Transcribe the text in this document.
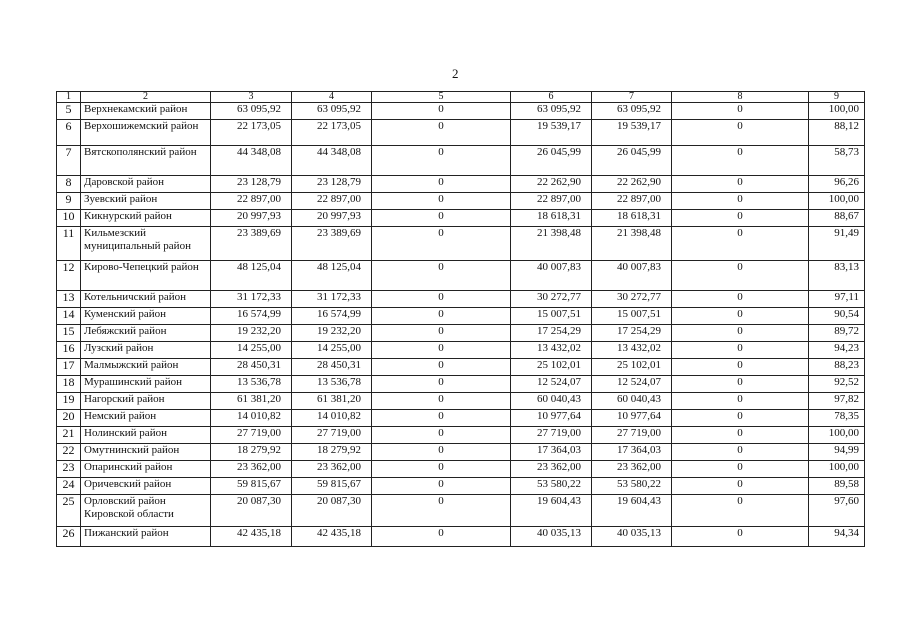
2
1	2	3	4	5	6	7	8	9
5	Верхнекамский район	63 095,92	63 095,92	0	63 095,92	63 095,92	0	100,00
6	Верхошижемский район	22 173,05	22 173,05	0	19 539,17	19 539,17	0	88,12
7	Вятскополянский район	44 348,08	44 348,08	0	26 045,99	26 045,99	0	58,73
8	Даровской район	23 128,79	23 128,79	0	22 262,90	22 262,90	0	96,26
9	Зуевский район	22 897,00	22 897,00	0	22 897,00	22 897,00	0	100,00
10	Кикнурский район	20 997,93	20 997,93	0	18 618,31	18 618,31	0	88,67
11	Кильмезский муниципальный район	23 389,69	23 389,69	0	21 398,48	21 398,48	0	91,49
12	Кирово-Чепецкий район	48 125,04	48 125,04	0	40 007,83	40 007,83	0	83,13
13	Котельничский район	31 172,33	31 172,33	0	30 272,77	30 272,77	0	97,11
14	Куменский район	16 574,99	16 574,99	0	15 007,51	15 007,51	0	90,54
15	Лебяжский район	19 232,20	19 232,20	0	17 254,29	17 254,29	0	89,72
16	Лузский район	14 255,00	14 255,00	0	13 432,02	13 432,02	0	94,23
17	Малмыжский район	28 450,31	28 450,31	0	25 102,01	25 102,01	0	88,23
18	Мурашинский район	13 536,78	13 536,78	0	12 524,07	12 524,07	0	92,52
19	Нагорский район	61 381,20	61 381,20	0	60 040,43	60 040,43	0	97,82
20	Немский район	14 010,82	14 010,82	0	10 977,64	10 977,64	0	78,35
21	Нолинский район	27 719,00	27 719,00	0	27 719,00	27 719,00	0	100,00
22	Омутнинский район	18 279,92	18 279,92	0	17 364,03	17 364,03	0	94,99
23	Опаринский район	23 362,00	23 362,00	0	23 362,00	23 362,00	0	100,00
24	Оричевский район	59 815,67	59 815,67	0	53 580,22	53 580,22	0	89,58
25	Орловский район Кировской области	20 087,30	20 087,30	0	19 604,43	19 604,43	0	97,60
26	Пижанский район	42 435,18	42 435,18	0	40 035,13	40 035,13	0	94,34
